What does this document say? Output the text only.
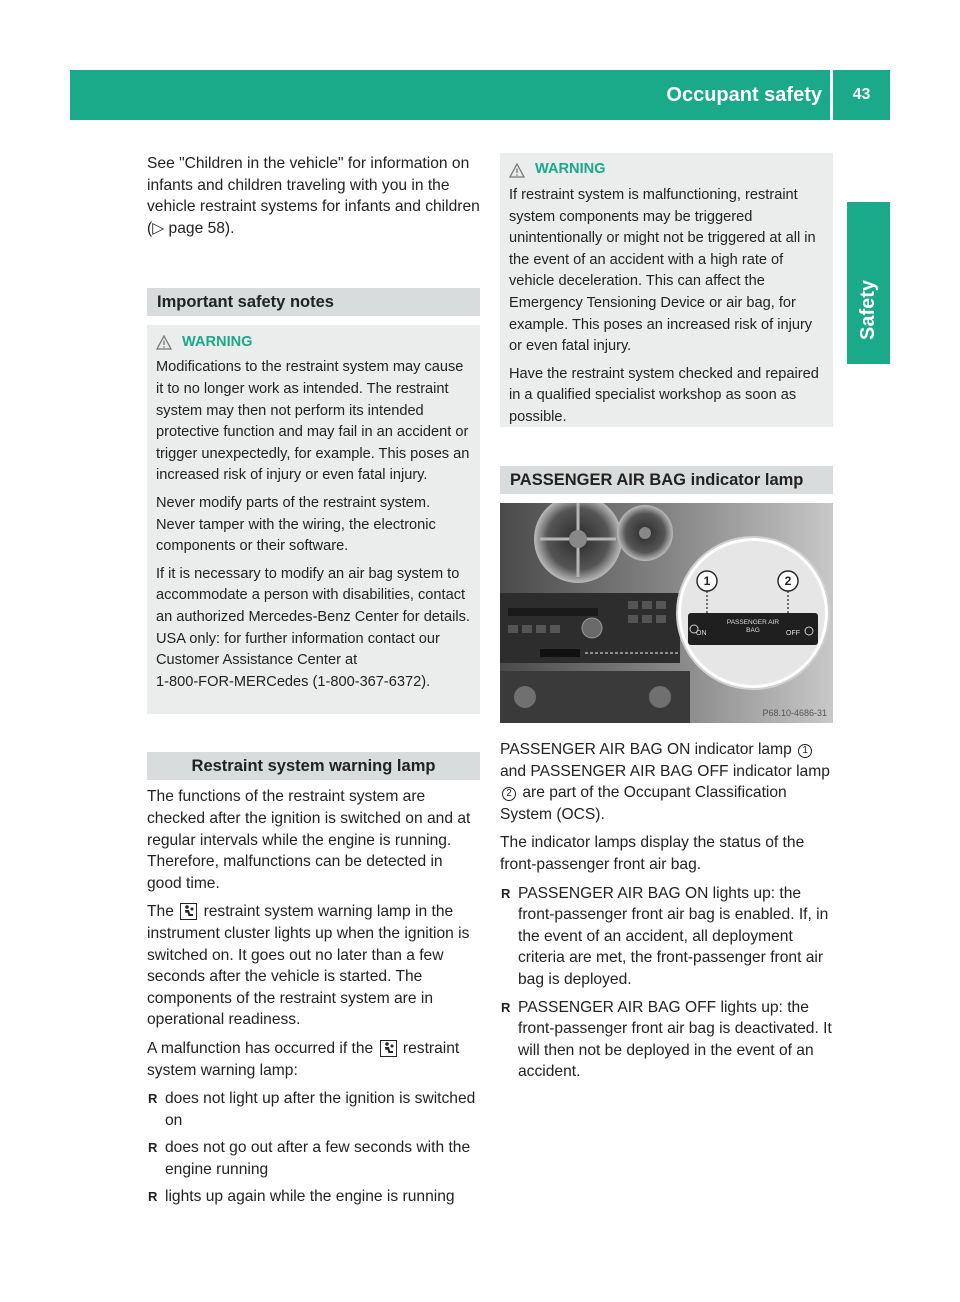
Occupant safety	43
Safety

See "Children in the vehicle" for information on infants and children traveling with you in the vehicle restraint systems for infants and children (▷ page 58).

Important safety notes
WARNING

Modifications to the restraint system may cause it to no longer work as intended. The restraint system may then not perform its intended protective function and may fail in an accident or trigger unexpectedly, for example. This poses an increased risk of injury or even fatal injury.

Never modify parts of the restraint system. Never tamper with the wiring, the electronic components or their software.

If it is necessary to modify an air bag system to accommodate a person with disabilities, contact an authorized Mercedes-Benz Center for details. USA only: for further information contact our Customer Assistance Center at
1-800-FOR-MERCedes (1-800-367-6372).

Restraint system warning lamp

The functions of the restraint system are checked after the ignition is switched on and at regular intervals while the engine is running. Therefore, malfunctions can be detected in good time.

The restraint system warning lamp in the instrument cluster lights up when the ignition is switched on. It goes out no later than a few seconds after the vehicle is started. The components of the restraint system are in operational readiness.

A malfunction has occurred if the restraint system warning lamp:

R does not light up after the ignition is switched on
R does not go out after a few seconds with the engine running
R lights up again while the engine is running
WARNING

If restraint system is malfunctioning, restraint system components may be triggered unintentionally or might not be triggered at all in the event of an accident with a high rate of vehicle deceleration. This can affect the Emergency Tensioning Device or air bag, for example. This poses an increased risk of injury or even fatal injury.

Have the restraint system checked and repaired in a qualified specialist workshop as soon as possible.

PASSENGER AIR BAG indicator lamp
1	2
ON
PASSENGER AIR BAG	OFF
P68.10-4686-31

PASSENGER AIR BAG ON indicator lamp 1 and PASSENGER AIR BAG OFF indicator lamp 2 are part of the Occupant Classification System (OCS).

The indicator lamps display the status of the front-passenger front air bag.

R PASSENGER AIR BAG ON lights up: the front-passenger front air bag is enabled. If, in the event of an accident, all deployment criteria are met, the front-passenger front air bag is deployed.
R PASSENGER AIR BAG OFF lights up: the front-passenger front air bag is deactivated. It will then not be deployed in the event of an accident.
